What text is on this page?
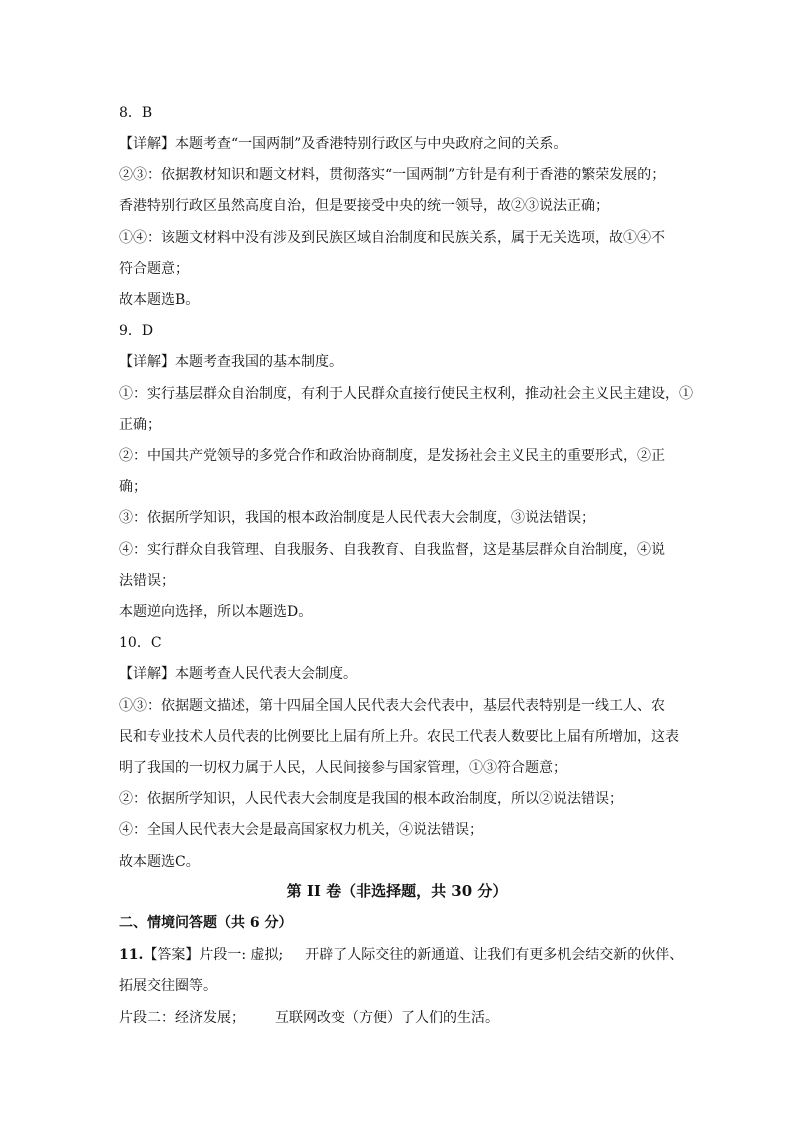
8．B
【详解】本题考查“一国两制”及香港特别行政区与中央政府之间的关系。
②③：依据教材知识和题文材料，贯彻落实“一国两制”方针是有利于香港的繁荣发展的；
香港特别行政区虽然高度自治，但是要接受中央的统一领导，故②③说法正确；
①④：该题文材料中没有涉及到民族区域自治制度和民族关系，属于无关选项，故①④不
符合题意；
故本题选B。
9．D
【详解】本题考查我国的基本制度。
①：实行基层群众自治制度，有利于人民群众直接行使民主权利，推动社会主义民主建设，①
正确；
②：中国共产党领导的多党合作和政治协商制度，是发扬社会主义民主的重要形式，②正
确；
③：依据所学知识，我国的根本政治制度是人民代表大会制度，③说法错误；
④：实行群众自我管理、自我服务、自我教育、自我监督，这是基层群众自治制度，④说
法错误；
本题逆向选择，所以本题选D。
10．C
【详解】本题考查人民代表大会制度。
①③：依据题文描述，第十四届全国人民代表大会代表中，基层代表特别是一线工人、农
民和专业技术人员代表的比例要比上届有所上升。农民工代表人数要比上届有所增加，这表
明了我国的一切权力属于人民，人民间接参与国家管理，①③符合题意；
②：依据所学知识，人民代表大会制度是我国的根本政治制度，所以②说法错误；
④：全国人民代表大会是最高国家权力机关，④说法错误；
故本题选C。
第 II 卷（非选择题，共 30 分）
二、情境问答题（共 6 分）
11.【答案】片段一: 虚拟; 开辟了人际交往的新通道、让我们有更多机会结交新的伙伴、
拓展交往圈等。
片段二：经济发展； 互联网改变（方便）了人们的生活。
